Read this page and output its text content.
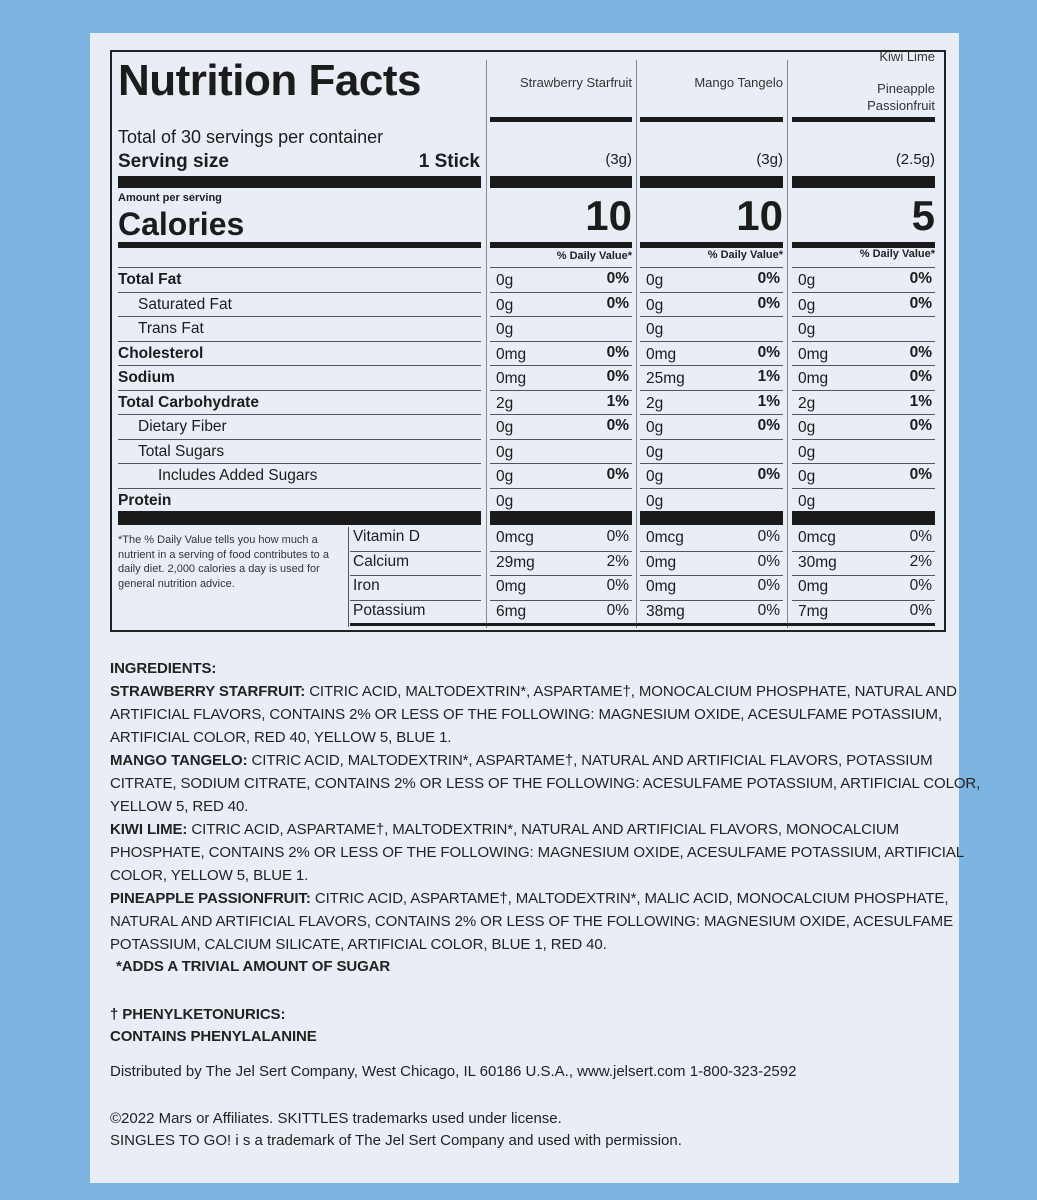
Nutrition Facts
Total of 30 servings per container
Serving size	1 Stick
Amount per serving
Calories
Strawberry Starfruit	Mango Tangelo
Kiwi Lime
Pineapple Passionfruit
(3g)	(3g)	(2.5g)
10	10	5
% Daily Value*	% Daily Value*	% Daily Value*
Total Fat	0g	0% 0g	0% 0g	0%
Saturated Fat	0g	0% 0g	0% 0g	0%
Trans Fat	0g	0g	0g
Cholesterol	0mg	0% 0mg	0% 0mg	0%
Sodium	0mg	0% 25mg	1% 0mg	0%
Total Carbohydrate	2g	1% 2g	1% 2g	1%
Dietary Fiber	0g	0% 0g	0% 0g	0%
Total Sugars	0g	0g	0g
Includes Added Sugars	0g	0% 0g	0% 0g	0%
Protein	0g	0g	0g
*The % Daily Value tells you how much a nutrient in a serving of food contributes to a daily diet. 2,000 calories a day is used for general nutrition advice.
Vitamin D	0mcg	0% 0mcg	0% 0mcg	0%
Calcium	29mg	2% 0mg	0% 30mg	2%
Iron	0mg	0% 0mg	0% 0mg	0%
Potassium	6mg	0% 38mg	0% 7mg	0%
INGREDIENTS:
STRAWBERRY STARFRUIT: CITRIC ACID, MALTODEXTRIN*, ASPARTAME†, MONOCALCIUM PHOSPHATE, NATURAL AND
ARTIFICIAL FLAVORS, CONTAINS 2% OR LESS OF THE FOLLOWING: MAGNESIUM OXIDE, ACESULFAME POTASSIUM,
ARTIFICIAL COLOR, RED 40, YELLOW 5, BLUE 1.
MANGO TANGELO: CITRIC ACID, MALTODEXTRIN*, ASPARTAME†, NATURAL AND ARTIFICIAL FLAVORS, POTASSIUM
CITRATE, SODIUM CITRATE, CONTAINS 2% OR LESS OF THE FOLLOWING: ACESULFAME POTASSIUM, ARTIFICIAL COLOR,
YELLOW 5, RED 40.
KIWI LIME: CITRIC ACID, ASPARTAME†, MALTODEXTRIN*, NATURAL AND ARTIFICIAL FLAVORS, MONOCALCIUM
PHOSPHATE, CONTAINS 2% OR LESS OF THE FOLLOWING: MAGNESIUM OXIDE, ACESULFAME POTASSIUM, ARTIFICIAL
COLOR, YELLOW 5, BLUE 1.
PINEAPPLE PASSIONFRUIT: CITRIC ACID, ASPARTAME†, MALTODEXTRIN*, MALIC ACID, MONOCALCIUM PHOSPHATE,
NATURAL AND ARTIFICIAL FLAVORS, CONTAINS 2% OR LESS OF THE FOLLOWING: MAGNESIUM OXIDE, ACESULFAME
POTASSIUM, CALCIUM SILICATE, ARTIFICIAL COLOR, BLUE 1, RED 40.
*ADDS A TRIVIAL AMOUNT OF SUGAR
† PHENYLKETONURICS:
CONTAINS PHENYLALANINE
Distributed by The Jel Sert Company, West Chicago, IL 60186 U.S.A., www.jelsert.com 1-800-323-2592
©2022 Mars or Affiliates. SKITTLES trademarks used under license.
SINGLES TO GO! i s a trademark of The Jel Sert Company and used with permission.
